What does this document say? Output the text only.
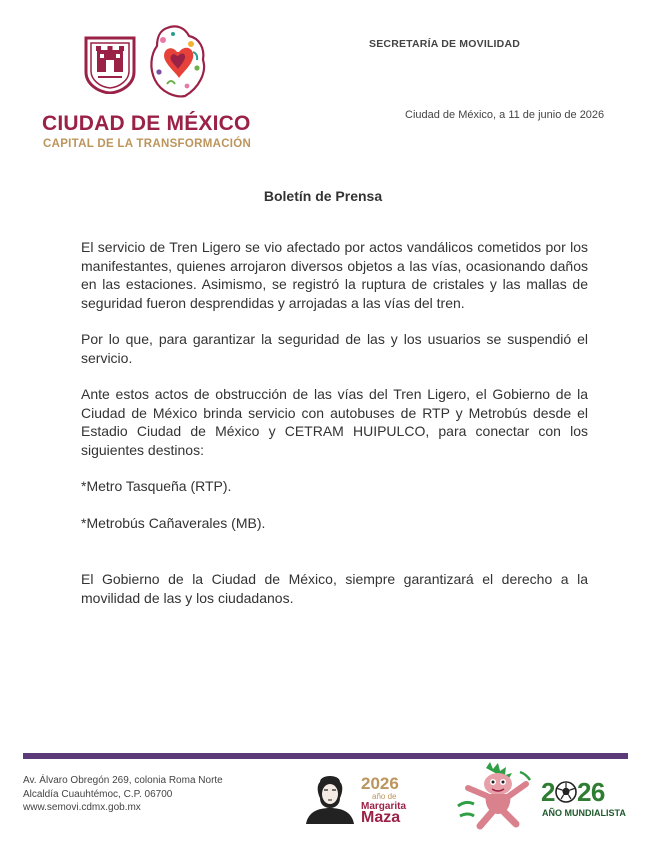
CIUDAD DE MÉXICO
CAPITAL DE LA TRANSFORMACIÓN
SECRETARÍA DE MOVILIDAD
Ciudad de México, a 11 de junio de 2026
Boletín de Prensa

El servicio de Tren Ligero se vio afectado por actos vandálicos cometidos por los manifestantes, quienes arrojaron diversos objetos a las vías, ocasionando daños en las estaciones. Asimismo, se registró la ruptura de cristales y las mallas de seguridad fueron desprendidas y arrojadas a las vías del tren.

Por lo que, para garantizar la seguridad de las y los usuarios se suspendió el servicio.

Ante estos actos de obstrucción de las vías del Tren Ligero, el Gobierno de la Ciudad de México brinda servicio con autobuses de RTP y Metrobús desde el Estadio Ciudad de México y CETRAM HUIPULCO, para conectar con los siguientes destinos:

*Metro Tasqueña (RTP).

*Metrobús Cañaverales (MB).

El Gobierno de la Ciudad de México, siempre garantizará el derecho a la movilidad de las y los ciudadanos.

Av. Álvaro Obregón 269, colonia Roma Norte
Alcaldía Cuauhtémoc, C.P. 06700
www.semovi.cdmx.gob.mx
2026
año de
Margarita
Maza
2 26
AÑO MUNDIALISTA
